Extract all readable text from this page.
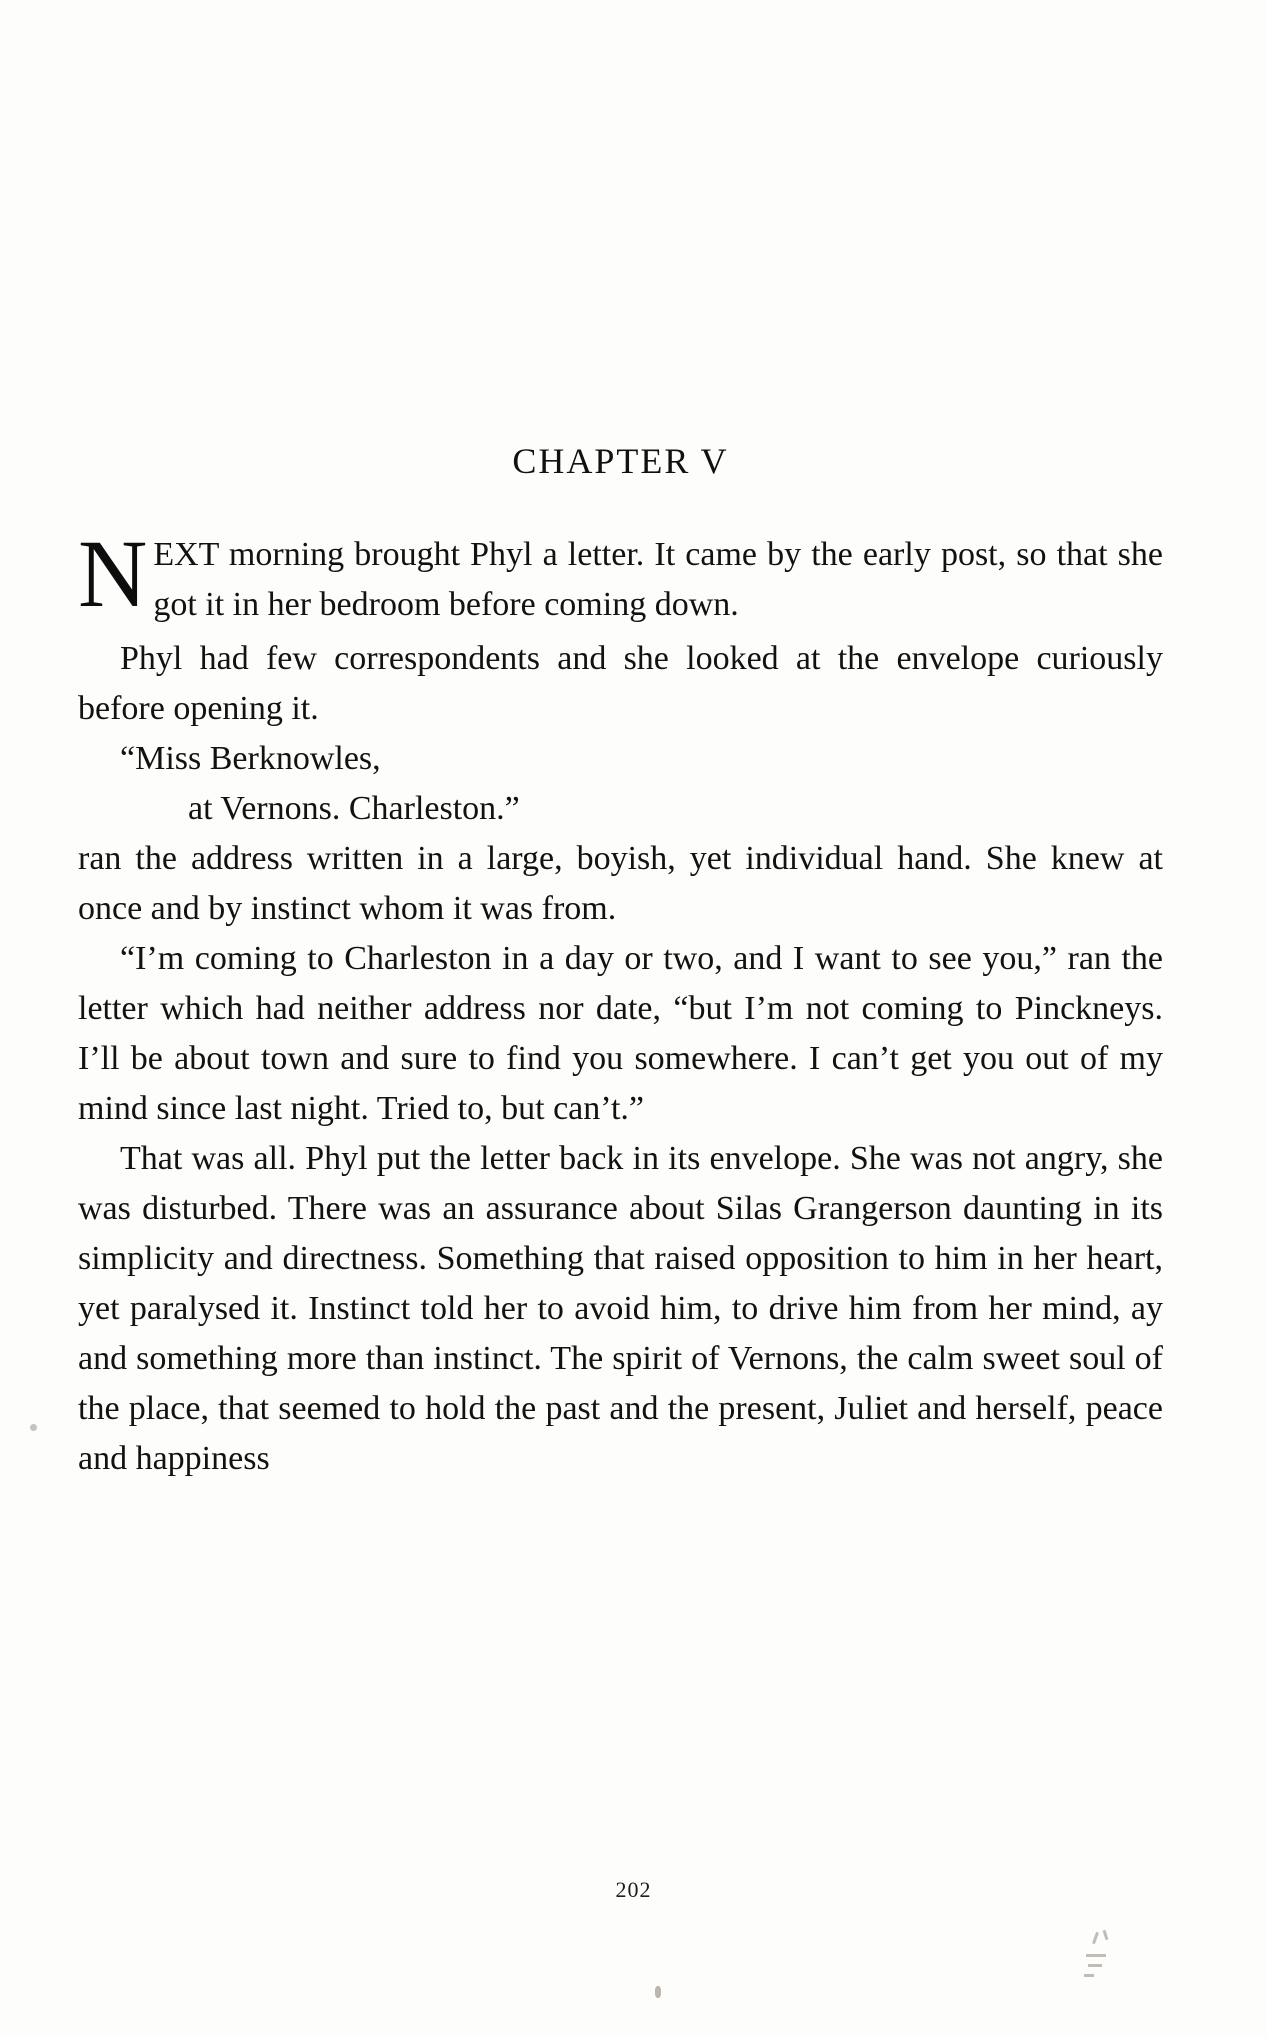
CHAPTER V

NEXT morning brought Phyl a letter. It came by the early post, so that she got it in her bedroom before coming down.

Phyl had few correspondents and she looked at the envelope curiously before opening it.

“Miss Berknowles,

at Vernons. Charleston.”

ran the address written in a large, boyish, yet individual hand. She knew at once and by instinct whom it was from.

“I’m coming to Charleston in a day or two, and I want to see you,” ran the letter which had neither address nor date, “but I’m not coming to Pinckneys. I’ll be about town and sure to find you somewhere. I can’t get you out of my mind since last night. Tried to, but can’t.”

That was all. Phyl put the letter back in its envelope. She was not angry, she was disturbed. There was an assurance about Silas Grangerson daunting in its simplicity and directness. Something that raised opposition to him in her heart, yet paralysed it. Instinct told her to avoid him, to drive him from her mind, ay and something more than instinct. The spirit of Vernons, the calm sweet soul of the place, that seemed to hold the past and the present, Juliet and herself, peace and happiness

202
